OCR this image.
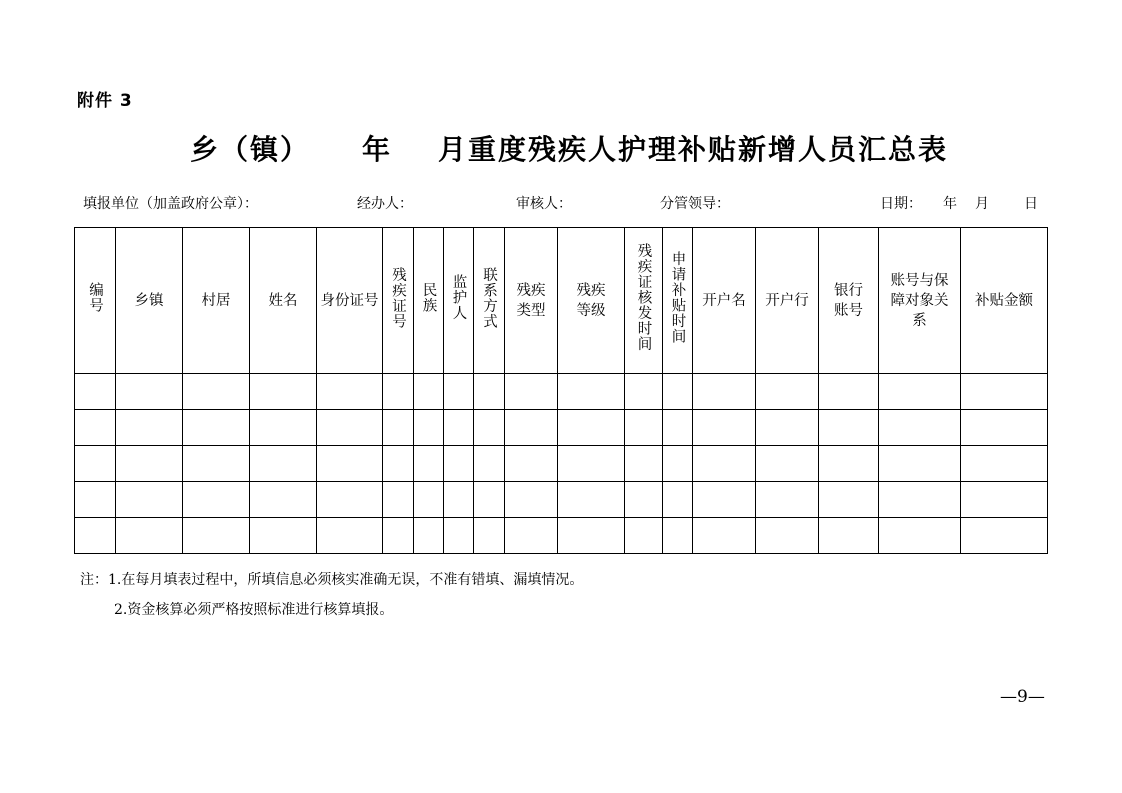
附件 3
乡（镇） 年 月重度残疾人护理补贴新增人员汇总表
填报单位（加盖政府公章）：	经办人：	审核人：	分管领导：	日期： 年 月	日
编号	乡镇	村居	姓名	身份证号	残疾证号	民族	监护人	联系方式	残疾类型	残疾等级	残疾证核发时间	申请补贴时间	开户名	开户行	银行账号	账号与保障对象关系	补贴金额

注：1.在每月填表过程中，所填信息必须核实准确无误，不准有错填、漏填情况。
2.资金核算必须严格按照标准进行核算填报。
—9—
